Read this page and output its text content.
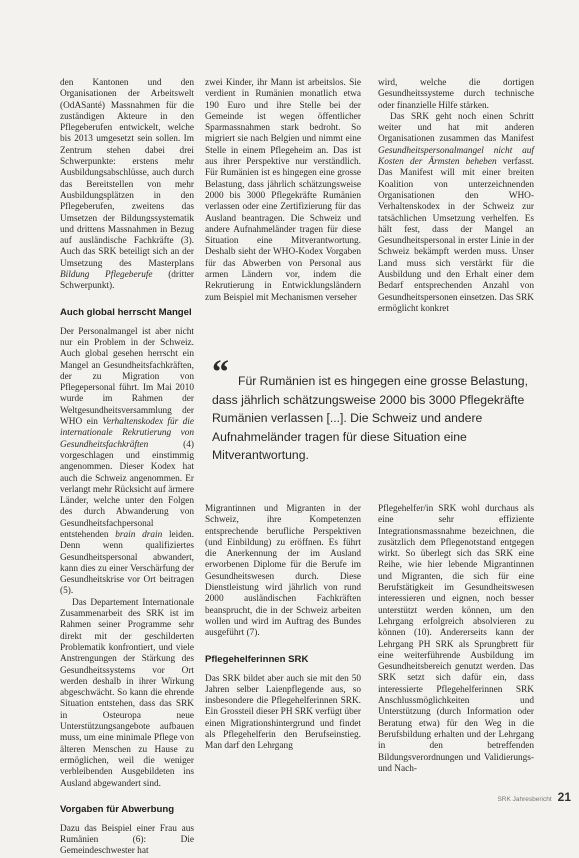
den Kantonen und den Organisationen der Arbeitswelt (OdASanté) Massnahmen für die zuständigen Akteure in den Pflegeberufen entwickelt, welche bis 2013 umgesetzt sein sollen. Im Zentrum stehen dabei drei Schwerpunkte: erstens mehr Ausbildungsabschlüsse, auch durch das Bereitstellen von mehr Ausbildungsplätzen in den Pflegeberufen, zweitens das Umsetzen der Bildungssystematik und drittens Massnahmen in Bezug auf ausländische Fachkräfte (3). Auch das SRK beteiligt sich an der Umsetzung des Masterplans Bildung Pflegeberufe (dritter Schwerpunkt).

Auch global herrscht Mangel

Der Personalmangel ist aber nicht nur ein Problem in der Schweiz. Auch global gesehen herrscht ein Mangel an Gesundheitsfachkräften, der zu Migration von Pflegepersonal führt. Im Mai 2010 wurde im Rahmen der Weltgesundheitsversammlung der WHO ein Verhaltenskodex für die internationale Rekrutierung von Gesundheitsfachkräften	(4) vorgeschlagen und einstimmig angenommen. Dieser Kodex hat auch die Schweiz angenommen. Er verlangt mehr Rücksicht auf ärmere Länder, welche unter den Folgen des durch Abwanderung von Gesundheitsfachpersonal entstehenden brain drain leiden. Denn wenn qualifiziertes Gesundheitspersonal abwandert, kann dies zu einer Verschärfung der Gesundheitskrise vor Ort beitragen (5).

Das Departement Internationale Zusammenarbeit des SRK ist im Rahmen seiner Programme sehr direkt mit der geschilderten Problematik konfrontiert, und viele Anstrengungen der Stärkung des Gesundheitssystems vor Ort werden deshalb in ihrer Wirkung abgeschwächt. So kann die ehrende Situation entstehen, dass das SRK in Osteuropa neue Unterstützungsangebote aufbauen muss, um eine minimale Pflege von älteren Menschen zu Hause zu ermöglichen, weil die weniger verbleibenden Ausgebildeten ins Ausland abgewandert sind.

Vorgaben für Abwerbung

Dazu das Beispiel einer Frau aus Rumänien (6): Die Gemeindeschwester hat

zwei Kinder, ihr Mann ist arbeitslos. Sie verdient in Rumänien monatlich etwa 190 Euro und ihre Stelle bei der Gemeinde ist wegen öffentlicher Sparmassnahmen stark bedroht. So migriert sie nach Belgien und nimmt eine Stelle in einem Pflegeheim an. Das ist aus ihrer Perspektive nur verständlich. Für Rumänien ist es hingegen eine grosse Belastung, dass jährlich schätzungsweise 2000 bis 3000 Pflegekräfte Rumänien verlassen oder eine Zertifizierung für das Ausland beantragen. Die Schweiz und andere Aufnahmeländer tragen für diese Situation eine Mitverantwortung. Deshalb sieht der WHO-Kodex Vorgaben für das Abwerben von Personal aus armen Ländern vor, indem die Rekrutierung in Entwicklungsländern zum Beispiel mit Mechanismen verseher

wird, welche die dortigen Gesundheitssysteme durch technische oder finanzielle Hilfe stärken.

Das SRK geht noch einen Schritt weiter und hat mit anderen Organisationen zusammen das Manifest Gesundheitspersonalmangel nicht auf Kosten der Ärmsten beheben verfasst. Das Manifest will mit einer breiten Koalition von unterzeichnenden Organisationen den WHO-Verhaltenskodex in der Schweiz zur tatsächlichen Umsetzung verhelfen. Es hält fest, dass der Mangel an Gesundheitspersonal in erster Linie in der Schweiz bekämpft werden muss. Unser Land muss sich verstärkt für die Ausbildung und den Erhalt einer dem Bedarf entsprechenden Anzahl von Gesundheitspersonen einsetzen. Das SRK ermöglicht konkret

“ Für Rumänien ist es hingegen eine grosse Belastung, dass jährlich schätzungsweise 2000 bis 3000 Pflegekräfte Rumänien verlassen [...]. Die Schweiz und andere Aufnahmeländer tragen für diese Situation eine Mitverantwortung.

Migrantinnen und Migranten in der Schweiz, ihre Kompetenzen entsprechende berufliche Perspektiven (und Einbildung) zu eröffnen. Es führt die Anerkennung der im Ausland erworbenen Diplome für die Berufe im Gesundheitswesen durch. Diese Dienstleistung wird jährlich von rund 2000 ausländischen Fachkräften beansprucht, die in der Schweiz arbeiten wollen und wird im Auftrag des Bundes ausgeführt (7).

Pflegehelferinnen SRK

Das SRK bildet aber auch sie mit den 50 Jahren selber Laienpflegende aus, so insbesondere die Pflegehelferinnen SRK. Ein Grossteil dieser PH SRK verfügt über einen Migrationshintergrund und findet als Pflegehelferin den Berufseinstieg. Man darf den Lehrgang

Pflegehelfer/in SRK wohl durchaus als eine sehr effiziente Integrationsmassnahme bezeichnen, die zusätzlich dem Pflegenotstand entgegen wirkt. So überlegt sich das SRK eine Reihe, wie hier lebende Migrantinnen und Migranten, die sich für eine Berufstätigkeit im Gesundheitswesen interessieren und eignen, noch besser unterstützt werden können, um den Lehrgang erfolgreich absolvieren zu können (10). Andererseits kann der Lehrgang PH SRK als Sprungbrett für eine weiterführende Ausbildung im Gesundheitsbereich genutzt werden. Das SRK setzt sich dafür ein, dass interessierte Pflegehelferinnen SRK Anschlussmöglichkeiten und Unterstützung (durch Information oder Beratung etwa) für den Weg in die Berufsbildung erhalten und der Lehrgang in den betreffenden Bildungsverordnungen und Validierungs- und Nach-

SRK Jahresbericht 21
